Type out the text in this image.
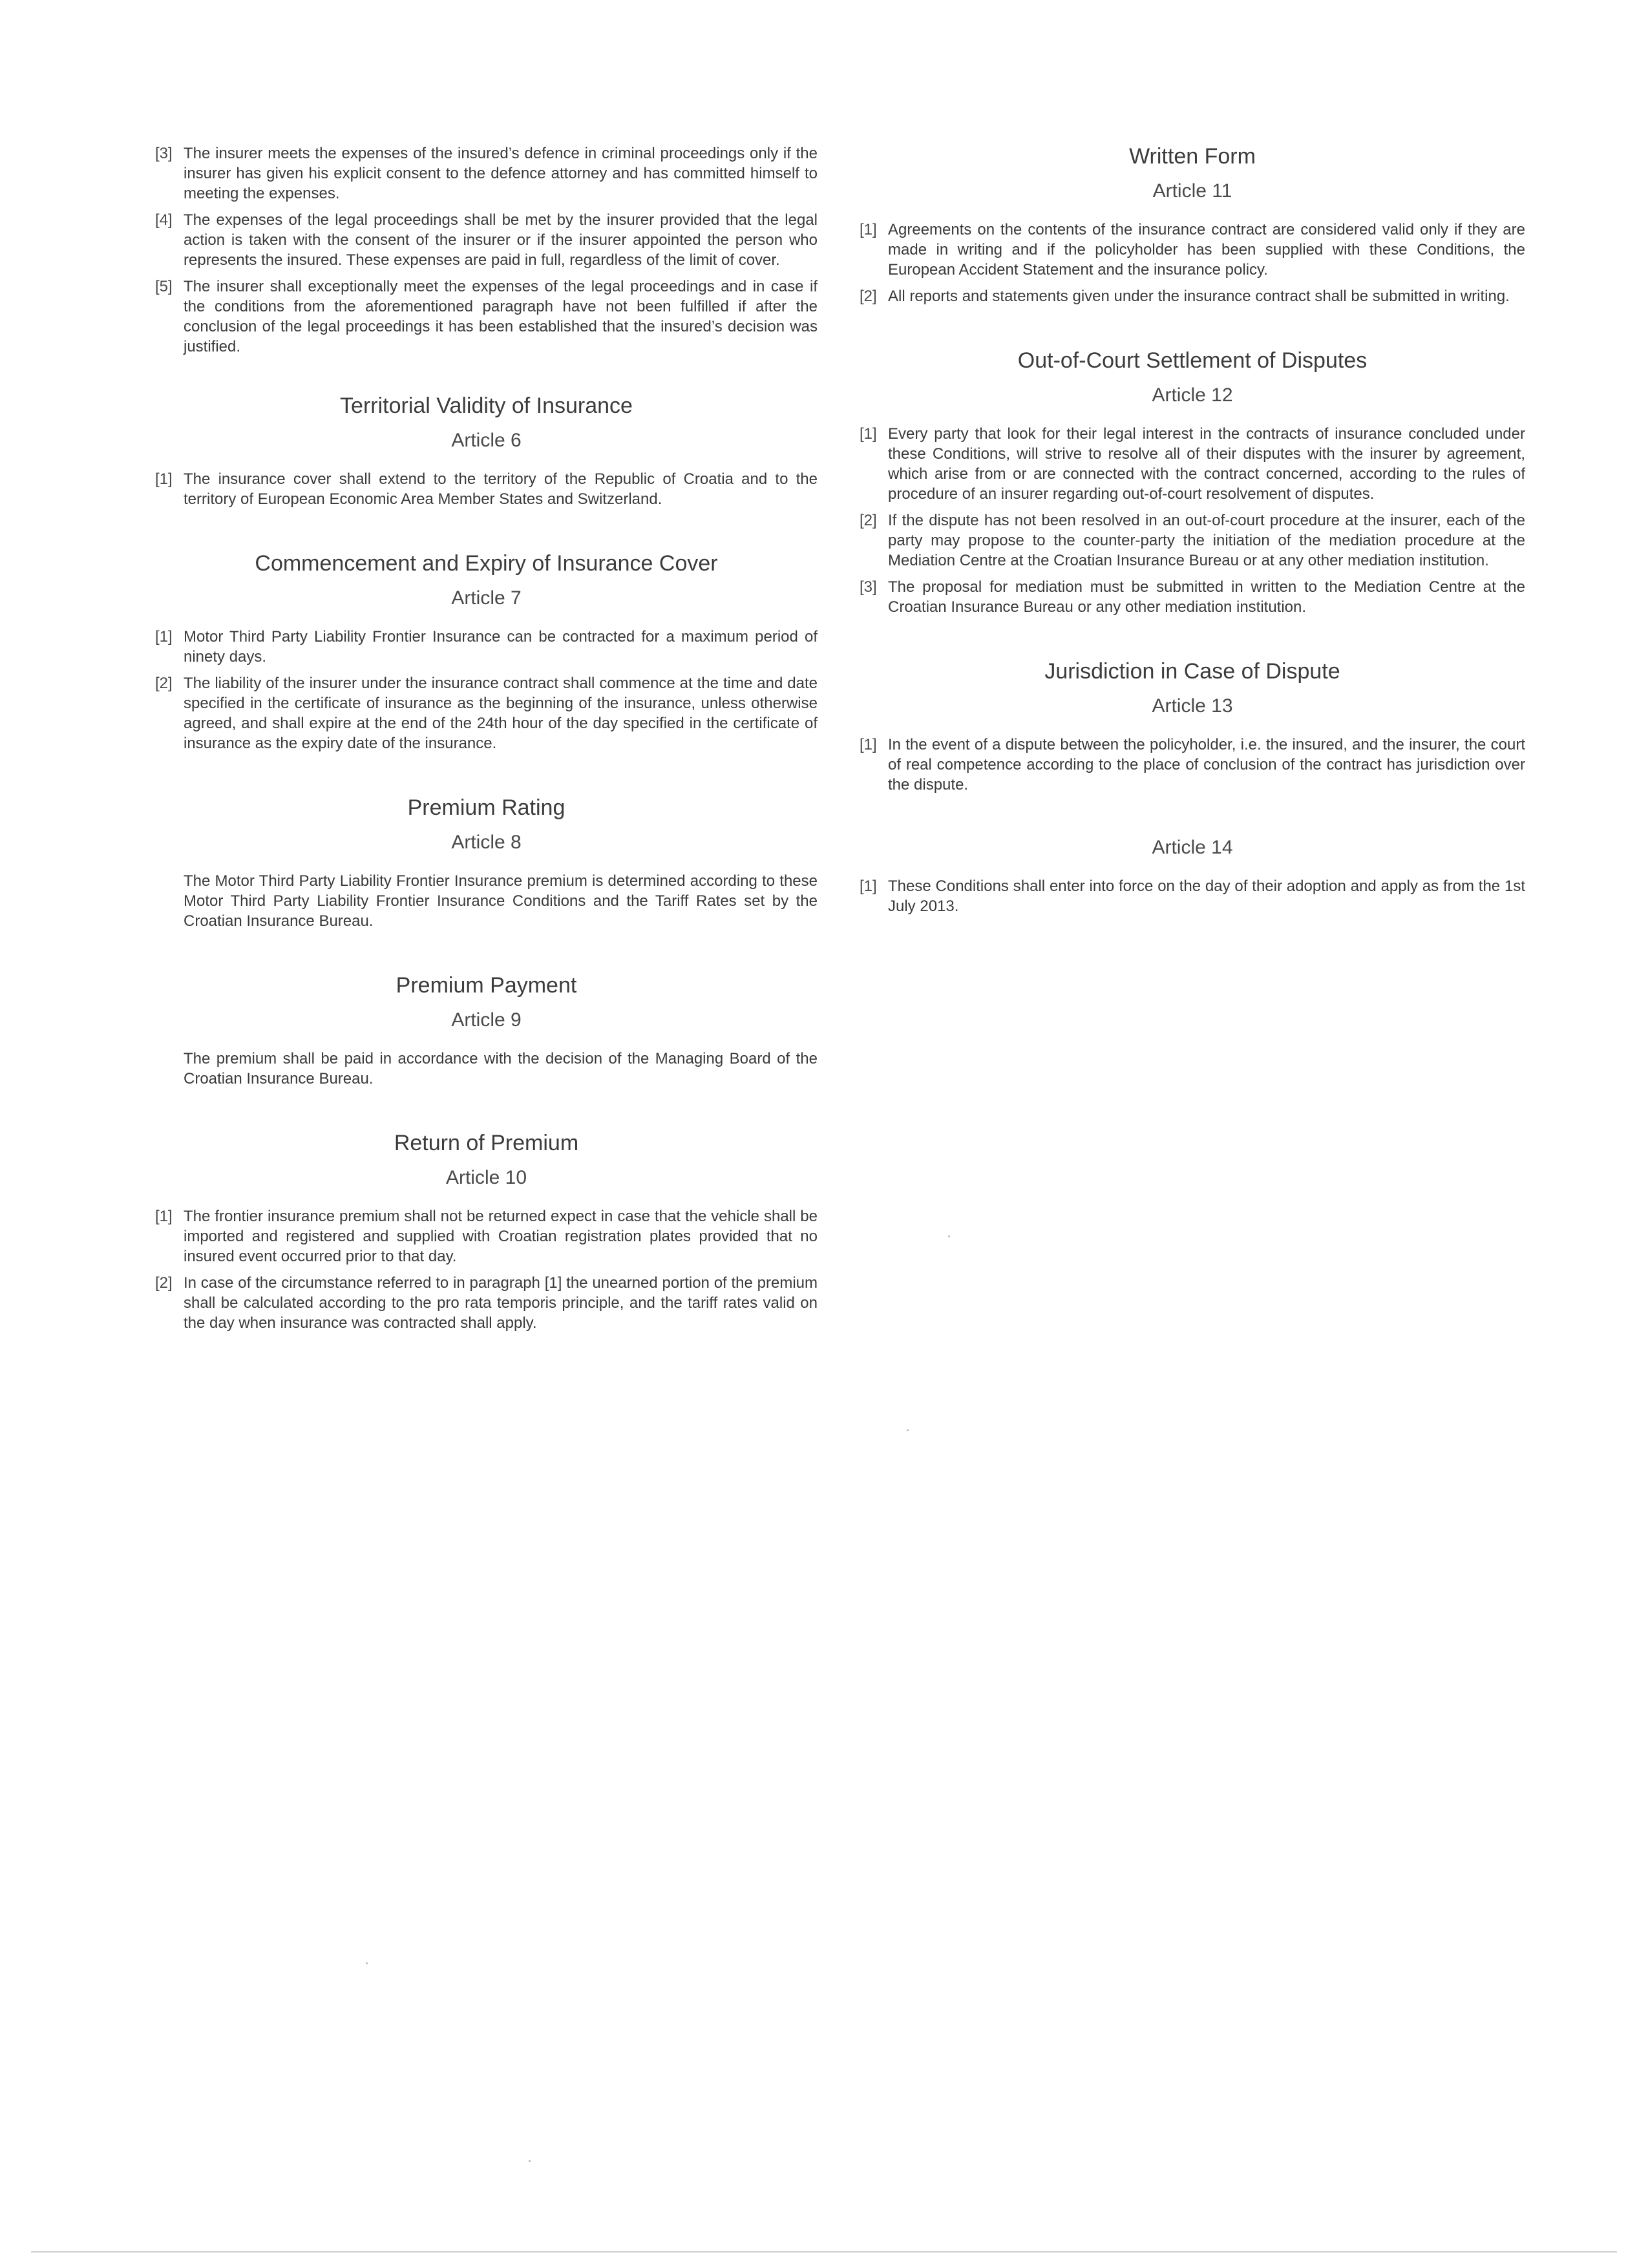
[3] The insurer meets the expenses of the insured’s defence in criminal proceedings only if the insurer has given his explicit consent to the defence attorney and has committed himself to meeting the expenses.
[4] The expenses of the legal proceedings shall be met by the insurer provided that the legal action is taken with the consent of the insurer or if the insurer appointed the person who represents the insured. These expenses are paid in full, regardless of the limit of cover.
[5] The insurer shall exceptionally meet the expenses of the legal proceedings and in case if the conditions from the aforementioned paragraph have not been fulfilled if after the conclusion of the legal proceedings it has been established that the insured’s decision was justified.
Territorial Validity of Insurance
Article 6
[1] The insurance cover shall extend to the territory of the Republic of Croatia and to the territory of European Economic Area Member States and Switzerland.
Commencement and Expiry of Insurance Cover
Article 7
[1] Motor Third Party Liability Frontier Insurance can be contracted for a maximum period of ninety days.
[2] The liability of the insurer under the insurance contract shall commence at the time and date specified in the certificate of insurance as the beginning of the insurance, unless otherwise agreed, and shall expire at the end of the 24th hour of the day specified in the certificate of insurance as the expiry date of the insurance.
Premium Rating
Article 8
The Motor Third Party Liability Frontier Insurance premium is determined according to these Motor Third Party Liability Frontier Insurance Conditions and the Tariff Rates set by the Croatian Insurance Bureau.
Premium Payment
Article 9
The premium shall be paid in accordance with the decision of the Managing Board of the Croatian Insurance Bureau.
Return of Premium
Article 10
[1] The frontier insurance premium shall not be returned expect in case that the vehicle shall be imported and registered and supplied with Croatian registration plates provided that no insured event occurred prior to that day.
[2] In case of the circumstance referred to in paragraph [1] the unearned portion of the premium shall be calculated according to the pro rata temporis principle, and the tariff rates valid on the day when insurance was contracted shall apply.
Written Form
Article 11
[1] Agreements on the contents of the insurance contract are considered valid only if they are made in writing and if the policyholder has been supplied with these Conditions, the European Accident Statement and the insurance policy.
[2] All reports and statements given under the insurance contract shall be submitted in writing.
Out-of-Court Settlement of Disputes
Article 12
[1] Every party that look for their legal interest in the contracts of insurance concluded under these Conditions, will strive to resolve all of their disputes with the insurer by agreement, which arise from or are connected with the contract concerned, according to the rules of procedure of an insurer regarding out-of-court resolvement of disputes.
[2] If the dispute has not been resolved in an out-of-court procedure at the insurer, each of the party may propose to the counter-party the initiation of the mediation procedure at the Mediation Centre at the Croatian Insurance Bureau or at any other mediation institution.
[3] The proposal for mediation must be submitted in written to the Mediation Centre at the Croatian Insurance Bureau or any other mediation institution.
Jurisdiction in Case of Dispute
Article 13
[1] In the event of a dispute between the policyholder, i.e. the insured, and the insurer, the court of real competence according to the place of conclusion of the contract has jurisdiction over the dispute.
Article 14
[1] These Conditions shall enter into force on the day of their adoption and apply as from the 1st July 2013.
